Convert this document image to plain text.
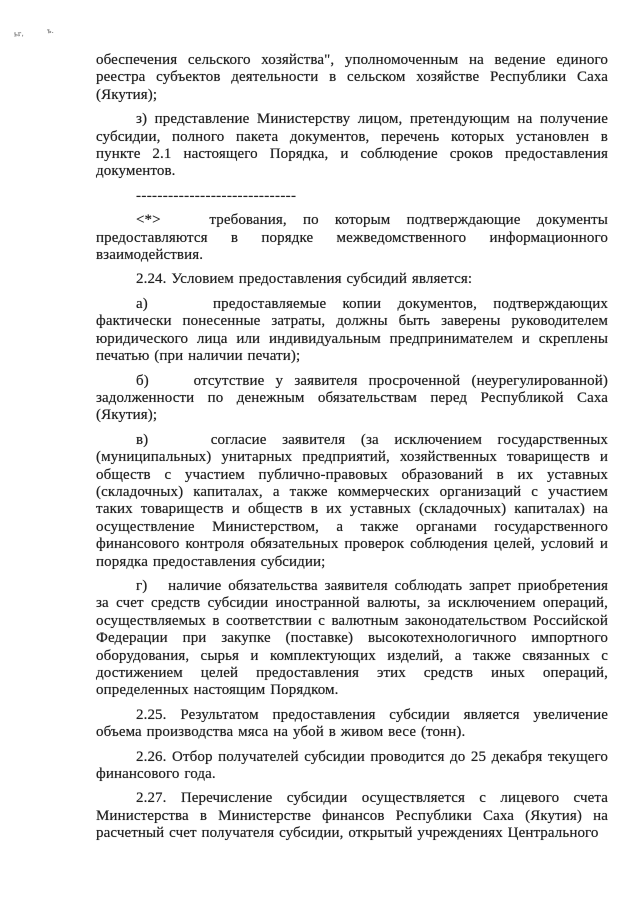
ьг,	ъ.

обеспечения сельского хозяйства", уполномоченным на ведение единого реестра субъектов деятельности в сельском хозяйстве Республики Саха (Якутия);

з) представление Министерству лицом, претендующим на получение субсидии, полного пакета документов, перечень которых установлен в пункте 2.1 настоящего Порядка, и соблюдение сроков предоставления документов.

------------------------------

<*>   требования, по которым подтверждающие документы предоставляются в порядке межведомственного информационного взаимодействия.

2.24. Условием предоставления субсидий является:

а)    предоставляемые копии документов, подтверждающих фактически понесенные затраты, должны быть заверены руководителем юридического лица или индивидуальным предпринимателем и скреплены печатью (при наличии печати);

б)    отсутствие у заявителя просроченной (неурегулированной) задолженности по денежным обязательствам перед Республикой Саха (Якутия);

в)    согласие заявителя (за исключением государственных (муниципальных) унитарных предприятий, хозяйственных товариществ и обществ с участием публично-правовых образований в их уставных (складочных) капиталах, а также коммерческих организаций с участием таких товариществ и обществ в их уставных (складочных) капиталах) на осуществление Министерством, а также органами государственного финансового контроля обязательных проверок соблюдения целей, условий и порядка предоставления субсидии;

г)   наличие обязательства заявителя соблюдать запрет приобретения за счет средств субсидии иностранной валюты, за исключением операций, осуществляемых в соответствии с валютным законодательством Российской Федерации при закупке (поставке) высокотехнологичного импортного оборудования, сырья и комплектующих изделий, а также связанных с достижением целей предоставления этих средств иных операций, определенных настоящим Порядком.

2.25. Результатом предоставления субсидии является увеличение объема производства мяса на убой в живом весе (тонн).

2.26. Отбор получателей субсидии проводится до 25 декабря текущего финансового года.

2.27. Перечисление субсидии осуществляется с лицевого счета Министерства в Министерстве финансов Республики Саха (Якутия) на расчетный счет получателя субсидии, открытый учреждениях Центрального
